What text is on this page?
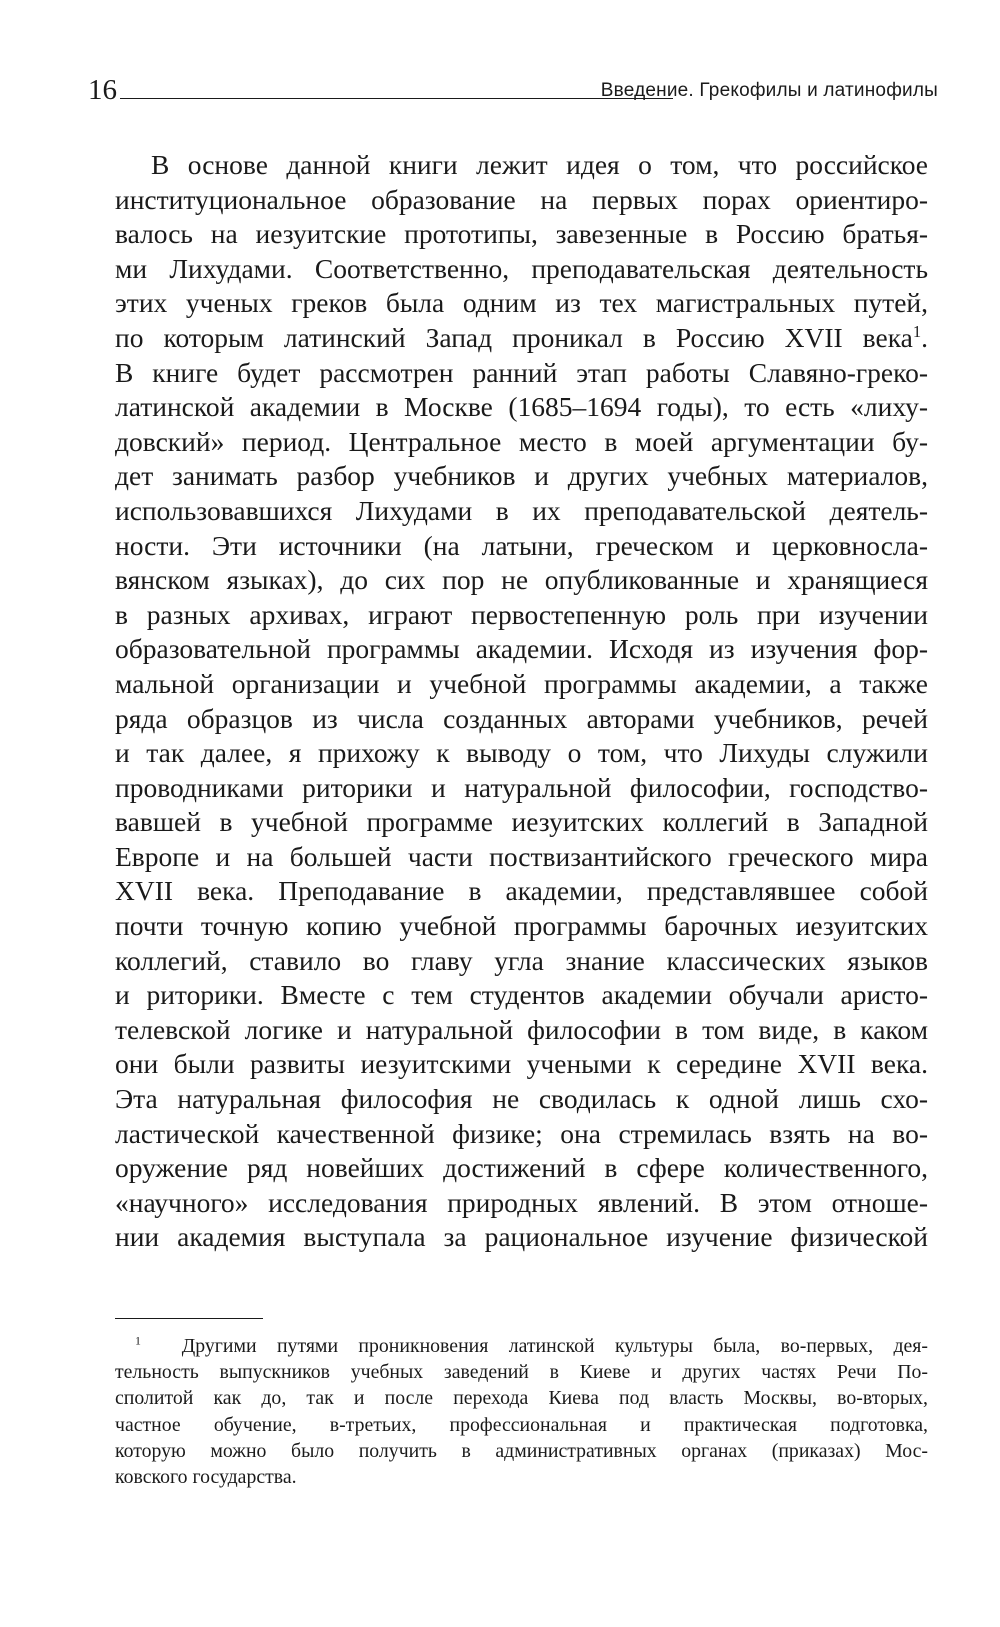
16	Введение. Грекофилы и латинофилы
В основе данной книги лежит идея о том, что российское
институциональное образование на первых порах ориентиро-
валось на иезуитские прототипы, завезенные в Россию братья-
ми Лихудами. Соответственно, преподавательская деятельность
этих ученых греков была одним из тех магистральных путей,
по которым латинский Запад проникал в Россию XVII века$^1$.
В книге будет рассмотрен ранний этап работы Славяно-греко-
латинской академии в Москве (1685–1694 годы), то есть «лиху-
довский» период. Центральное место в моей аргументации бу-
дет занимать разбор учебников и других учебных материалов,
использовавшихся Лихудами в их преподавательской деятель-
ности. Эти источники (на латыни, греческом и церковносла-
вянском языках), до сих пор не опубликованные и хранящиеся
в разных архивах, играют первостепенную роль при изучении
образовательной программы академии. Исходя из изучения фор-
мальной организации и учебной программы академии, а также
ряда образцов из числа созданных авторами учебников, речей
и так далее, я прихожу к выводу о том, что Лихуды служили
проводниками риторики и натуральной философии, господство-
вавшей в учебной программе иезуитских коллегий в Западной
Европе и на большей части поствизантийского греческого мира
XVII века. Преподавание в академии, представлявшее собой
почти точную копию учебной программы барочных иезуитских
коллегий, ставило во главу угла знание классических языков
и риторики. Вместе с тем студентов академии обучали аристо-
телевской логике и натуральной философии в том виде, в каком
они были развиты иезуитскими учеными к середине XVII века.
Эта натуральная философия не сводилась к одной лишь схо-
ластической качественной физике; она стремилась взять на во-
оружение ряд новейших достижений в сфере количественного,
«научного» исследования природных явлений. В этом отноше-
нии академия выступала за рациональное изучение физической
$^1$ Другими путями проникновения латинской культуры была, во-первых, дея-
тельность выпускников учебных заведений в Киеве и других частях Речи По-
сполитой как до, так и после перехода Киева под власть Москвы, во-вторых,
частное обучение, в-третьих, профессиональная и практическая подготовка,
которую можно было получить в административных органах (приказах) Мос-
ковского государства.
